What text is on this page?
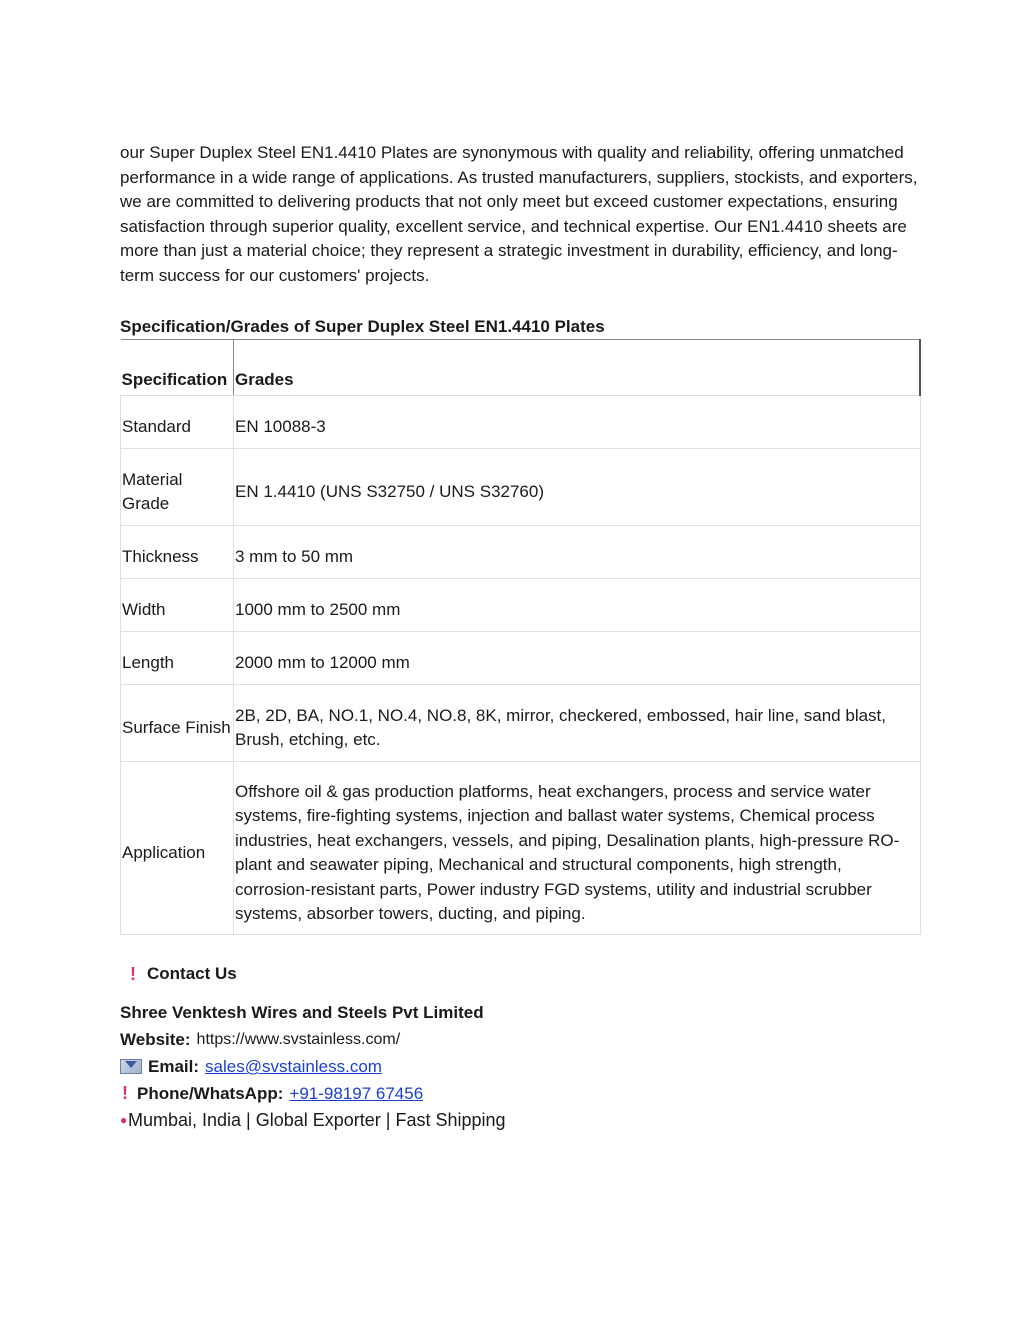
our Super Duplex Steel EN1.4410 Plates are synonymous with quality and reliability, offering unmatched performance in a wide range of applications. As trusted manufacturers, suppliers, stockists, and exporters, we are committed to delivering products that not only meet but exceed customer expectations, ensuring satisfaction through superior quality, excellent service, and technical expertise. Our EN1.4410 sheets are more than just a material choice; they represent a strategic investment in durability, efficiency, and long-term success for our customers' projects.

Specification/Grades of Super Duplex Steel EN1.4410 Plates
Specification	Grades
Standard	EN 10088-3
Material Grade	EN 1.4410 (UNS S32750 / UNS S32760)
Thickness	3 mm to 50 mm
Width	1000 mm to 2500 mm
Length	2000 mm to 12000 mm
Surface Finish	2B, 2D, BA, NO.1, NO.4, NO.8, 8K, mirror, checkered, embossed, hair line, sand blast, Brush, etching, etc.
Application	Offshore oil & gas production platforms, heat exchangers, process and service water systems, fire-fighting systems, injection and ballast water systems, Chemical process industries, heat exchangers, vessels, and piping, Desalination plants, high-pressure RO-plant and seawater piping, Mechanical and structural components, high strength, corrosion-resistant parts, Power industry FGD systems, utility and industrial scrubber systems, absorber towers, ducting, and piping.
! Contact Us
Shree Venktesh Wires and Steels Pvt Limited
Website: https://www.svstainless.com/
Email: sales@svstainless.com
! Phone/WhatsApp: +91-98197 67456
● Mumbai, India | Global Exporter | Fast Shipping
